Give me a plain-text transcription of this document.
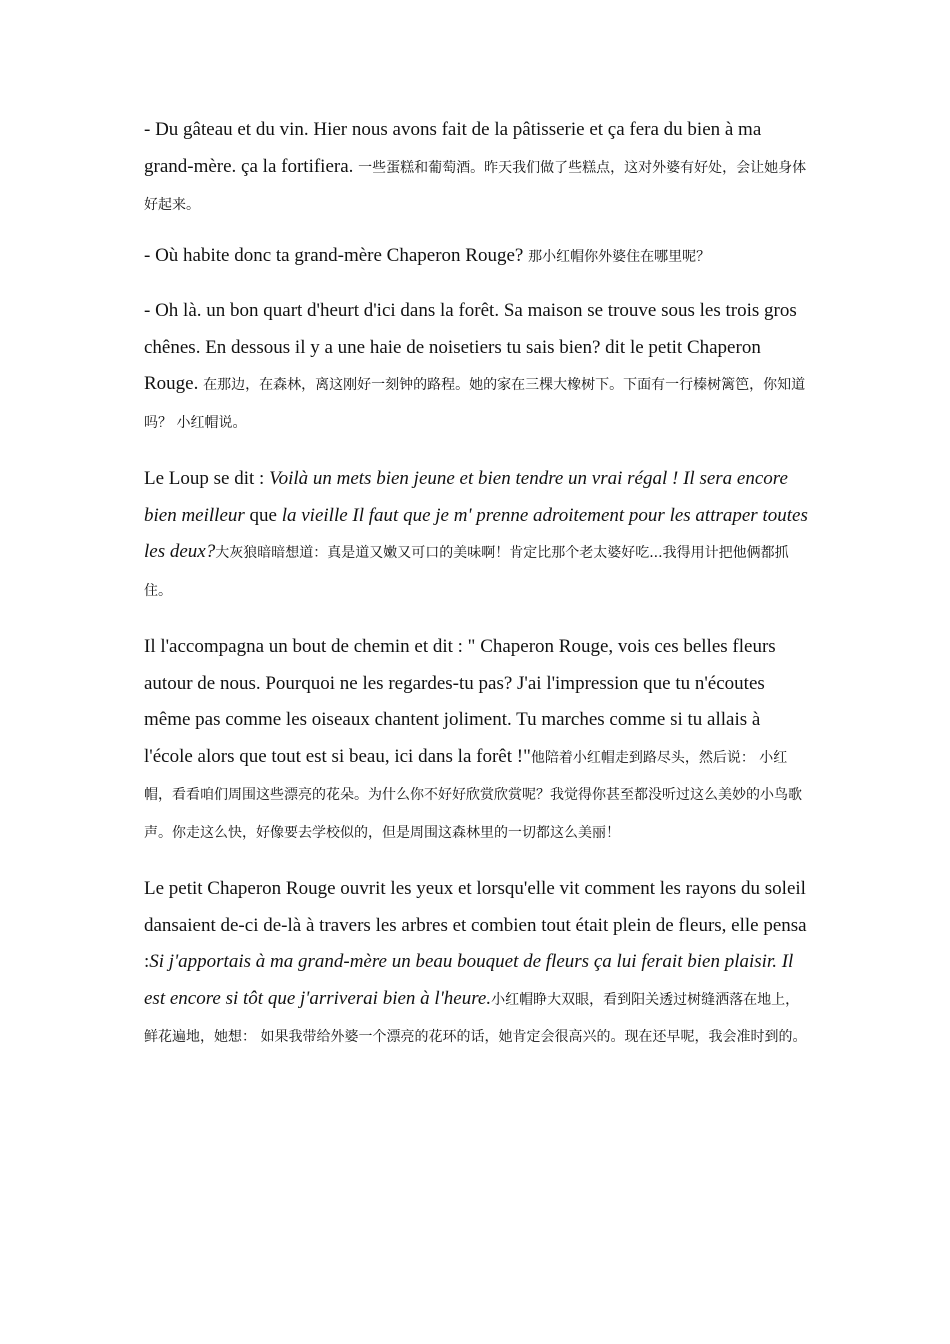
- Du gâteau et du vin. Hier nous avons fait de la pâtisserie et ça fera du bien à ma grand-mère. ça la fortifiera. 一些蛋糕和葡萄酒。昨天我们做了些糕点，这对外婆有好处，会让她身体好起来。

- Où habite donc ta grand-mère Chaperon Rouge? 那小红帽你外婆住在哪里呢？

- Oh là. un bon quart d'heurt d'ici dans la forêt. Sa maison se trouve sous les trois gros chênes. En dessous il y a une haie de noisetiers tu sais bien? dit le petit Chaperon Rouge. 在那边，在森林，离这刚好一刻钟的路程。她的家在三棵大橡树下。下面有一行榛树篱笆，你知道吗？ 小红帽说。

Le Loup se dit : Voilà un mets bien jeune et bien tendre un vrai régal ! Il sera encore bien meilleur que la vieille Il faut que je m' prenne adroitement pour les attraper toutes les deux?大灰狼暗暗想道：真是道又嫩又可口的美味啊！肯定比那个老太婆好吃...我得用计把他俩都抓住。

Il l'accompagna un bout de chemin et dit : " Chaperon Rouge, vois ces belles fleurs autour de nous. Pourquoi ne les regardes-tu pas? J'ai l'impression que tu n'écoutes même pas comme les oiseaux chantent joliment. Tu marches comme si tu allais à l'école alors que tout est si beau, ici dans la forêt !"他陪着小红帽走到路尽头，然后说： 小红帽，看看咱们周围这些漂亮的花朵。为什么你不好好欣赏欣赏呢？我觉得你甚至都没听过这么美妙的小鸟歌声。你走这么快，好像要去学校似的，但是周围这森林里的一切都这么美丽！

Le petit Chaperon Rouge ouvrit les yeux et lorsqu'elle vit comment les rayons du soleil dansaient de-ci de-là à travers les arbres et combien tout était plein de fleurs, elle pensa :Si j'apportais à ma grand-mère un beau bouquet de fleurs ça lui ferait bien plaisir. Il est encore si tôt que j'arriverai bien à l'heure.小红帽睁大双眼，看到阳关透过树缝洒落在地上，鲜花遍地，她想： 如果我带给外婆一个漂亮的花环的话，她肯定会很高兴的。现在还早呢，我会准时到的。
